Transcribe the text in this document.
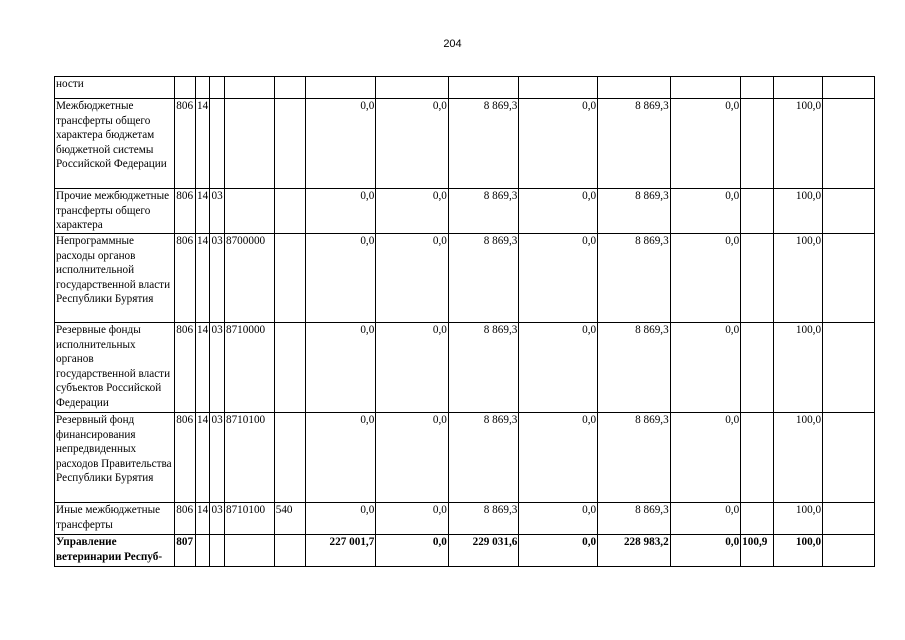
204
ности														
Межбюджетные трансферты общего характера бюджетам бюджетной системы Российской Федерации	806	14				0,0	0,0	8 869,3	0,0	8 869,3	0,0		100,0	
Прочие межбюджетные трансферты общего характера	806	14	03			0,0	0,0	8 869,3	0,0	8 869,3	0,0		100,0	
Непрограммные расходы органов исполнительной государственной власти Республики Бурятия	806	14	03	8700000		0,0	0,0	8 869,3	0,0	8 869,3	0,0		100,0	
Резервные фонды исполнительных органов государственной власти субъектов Российской Федерации	806	14	03	8710000		0,0	0,0	8 869,3	0,0	8 869,3	0,0		100,0	
Резервный фонд финансирования непредвиденных расходов Правительства Республики Бурятия	806	14	03	8710100		0,0	0,0	8 869,3	0,0	8 869,3	0,0		100,0	
Иные межбюджетные трансферты	806	14	03	8710100	540	0,0	0,0	8 869,3	0,0	8 869,3	0,0		100,0	
Управление ветеринарии Респуб-	807					227 001,7	0,0	229 031,6	0,0	228 983,2	0,0	100,9	100,0	
